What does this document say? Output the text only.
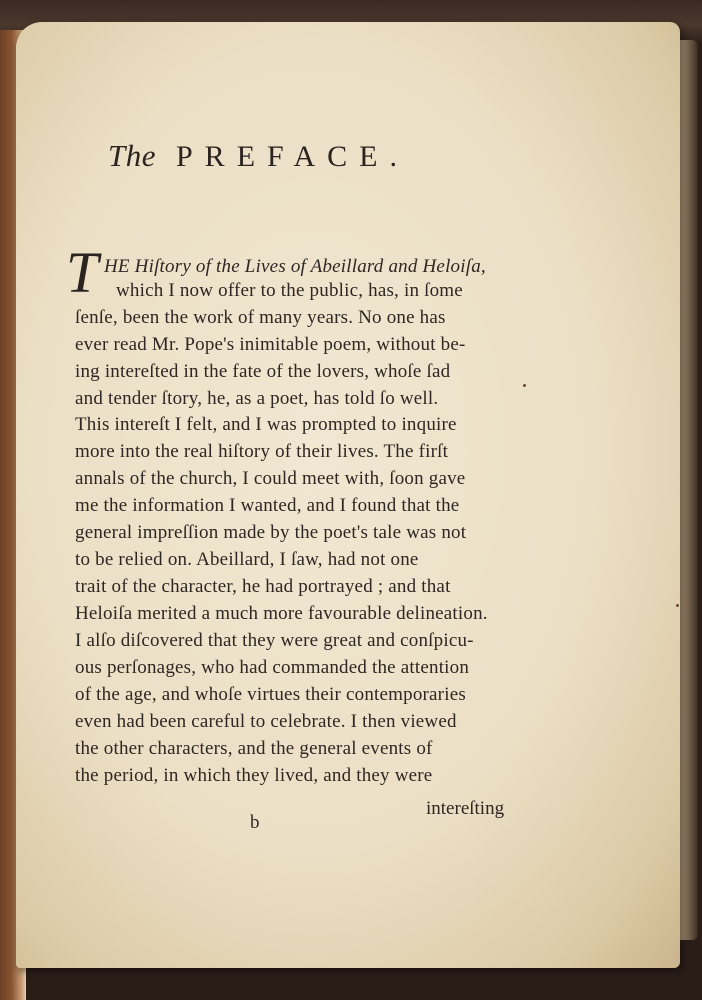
The PREFACE.
T HE Hiſtory of the Lives of Abeillard and Heloiſa,
which I now offer to the public, has, in ſome
ſenſe, been the work of many years. No one has
ever read Mr. Pope's inimitable poem, without be-
ing intereſted in the fate of the lovers, whoſe ſad
and tender ſtory, he, as a poet, has told ſo well.
This intereſt I felt, and I was prompted to inquire
more into the real hiſtory of their lives. The firſt
annals of the church, I could meet with, ſoon gave
me the information I wanted, and I found that the
general impreſſion made by the poet's tale was not
to be relied on. Abeillard, I ſaw, had not one
trait of the character, he had portrayed ; and that
Heloiſa merited a much more favourable delineation.
I alſo diſcovered that they were great and conſpicu-
ous perſonages, who had commanded the attention
of the age, and whoſe virtues their contemporaries
even had been careful to celebrate. I then viewed
the other characters, and the general events of
the period, in which they lived, and they were
intereſting
b
